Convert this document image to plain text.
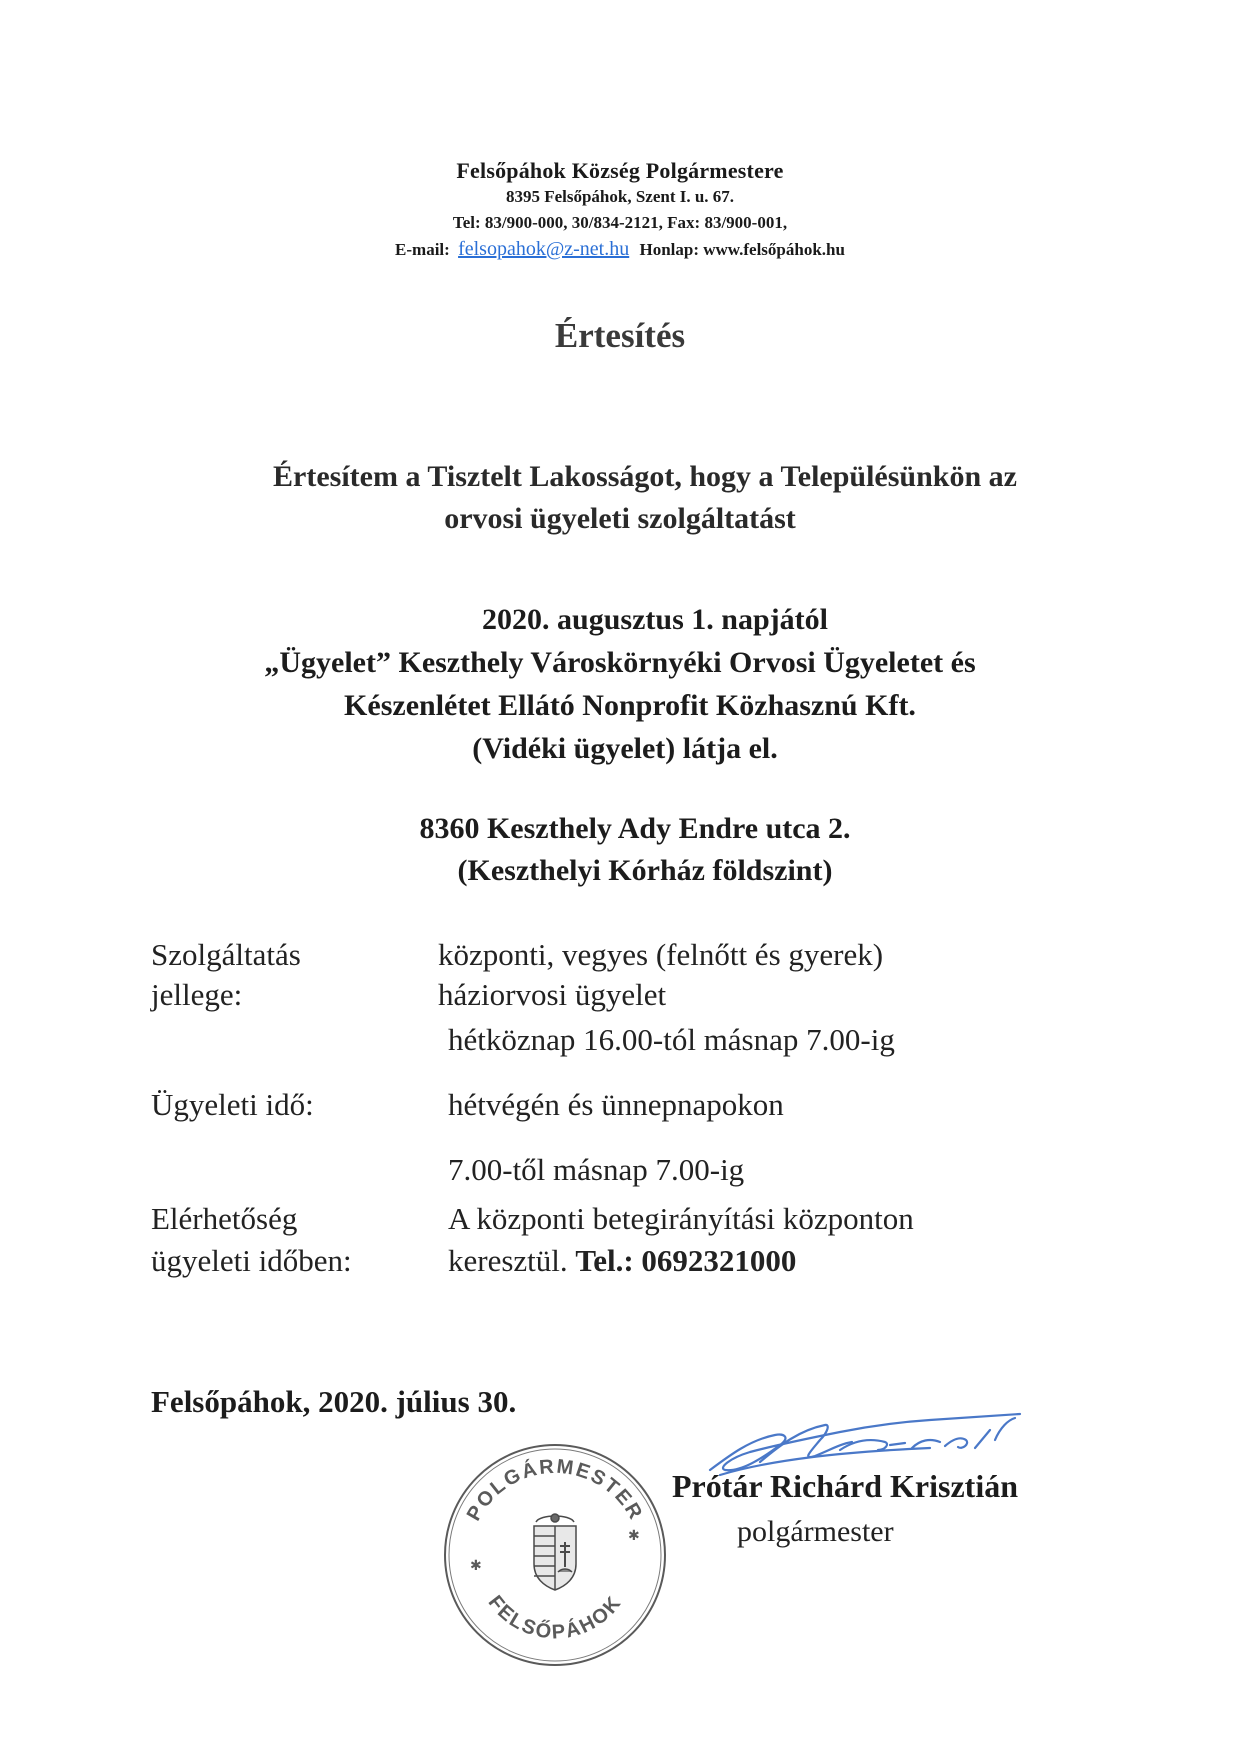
Felsőpáhok Község Polgármestere
8395 Felsőpáhok, Szent I. u. 67.
Tel: 83/900-000, 30/834-2121, Fax: 83/900-001,
E-mail: felsopahok@z-net.hu Honlap: www.felsőpáhok.hu
Értesítés
Értesítem a Tisztelt Lakosságot, hogy a Településünkön az
orvosi ügyeleti szolgáltatást
2020. augusztus 1. napjától
„Ügyelet” Keszthely Városkörnyéki Orvosi Ügyeletet és
Készenlétet Ellátó Nonprofit Közhasznú Kft.
(Vidéki ügyelet) látja el.
8360 Keszthely Ady Endre utca 2.
(Keszthelyi Kórház földszint)
Szolgáltatás	központi, vegyes (felnőtt és gyerek)
jellege:	háziorvosi ügyelet
hétköznap 16.00-tól másnap 7.00-ig
Ügyeleti idő:	hétvégén és ünnepnapokon
7.00-től másnap 7.00-ig
Elérhetőség	A központi betegirányítási központon
ügyeleti időben:	keresztül. Tel.: 0692321000
Felsőpáhok, 2020. július 30.
POLGÁRMESTER
FELSŐPÁHOK
✱
✱
Prótár Richárd Krisztián
polgármester
